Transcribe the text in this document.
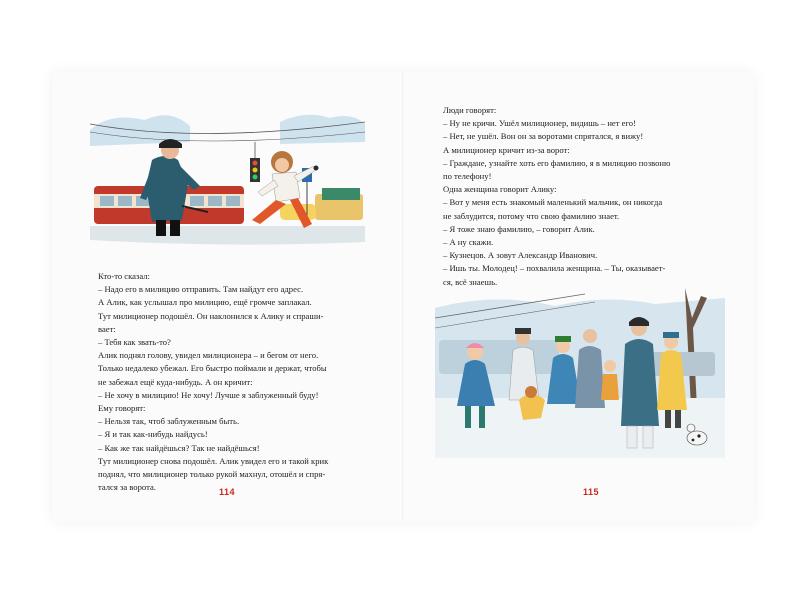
Кто-то сказал:

– Надо его в милицию отправить. Там найдут его адрес.

А Алик, как услышал про милицию, ещё громче заплакал.

Тут милиционер подошёл. Он наклонился к Алику и спраши-

вает:

– Тебя как звать-то?

Алик поднял голову, увидел милиционера – и бегом от него.

Только недалеко убежал. Его быстро поймали и держат, чтобы

не забежал ещё куда-нибудь. А он кричит:

– Не хочу в милицию! Не хочу! Лучше я заблуженный буду!

Ему говорят:

– Нельзя так, чтоб заблуженным быть.

– Я и так как-нибудь найдусь!

– Как же так найдёшься? Так не найдёшься!

Тут милиционер снова подошёл. Алик увидел его и такой крик

поднял, что милиционер только рукой махнул, отошёл и спря-

тался за ворота.	114

Люди говорят:

– Ну не кричи. Ушёл милиционер, видишь – нет его!

– Нет, не ушёл. Вон он за воротами спрятался, я вижу!

А милиционер кричит из-за ворот:

– Граждане, узнайте хоть его фамилию, я в милицию позвоню

по телефону!

Одна женщина говорит Алику:

– Вот у меня есть знакомый маленький мальчик, он никогда

не заблудится, потому что свою фамилию знает.

– Я тоже знаю фамилию, – говорит Алик.

– А ну скажи.

– Кузнецов. А зовут Александр Иванович.

– Ишь ты. Молодец! – похвалила женщина. – Ты, оказывает-

ся, всё знаешь.

115
